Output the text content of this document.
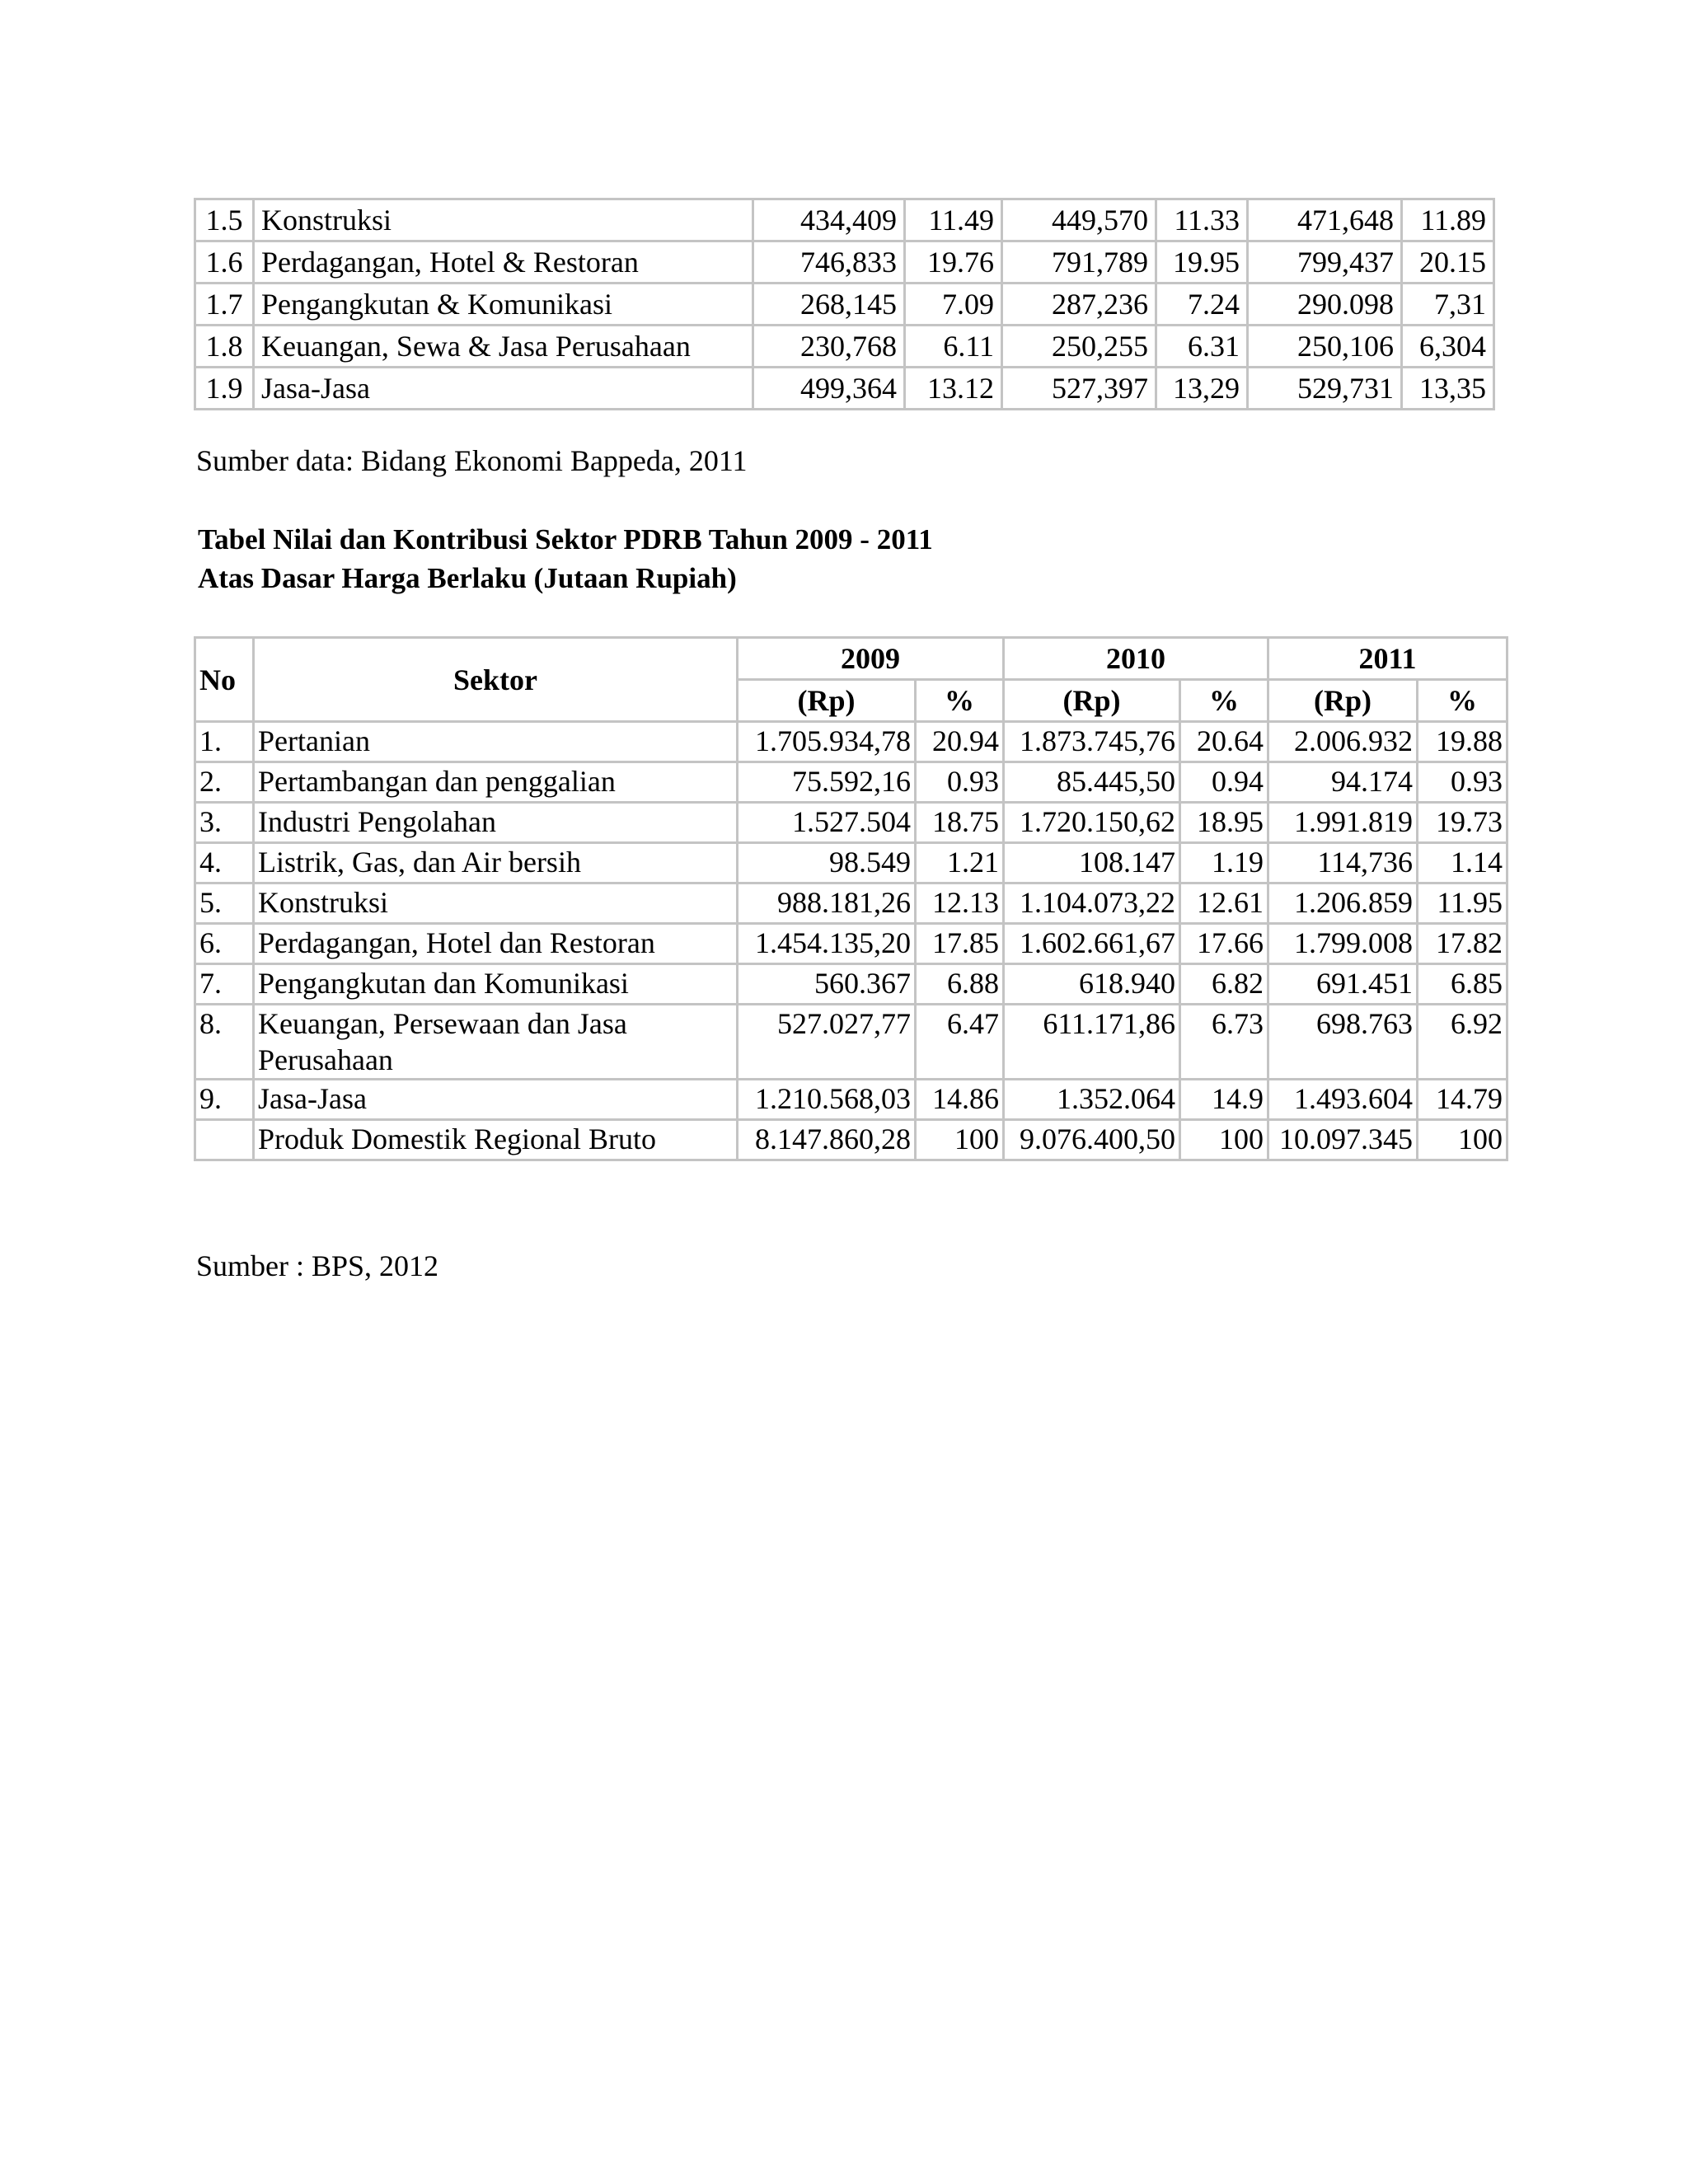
1.5	Konstruksi	434,409	11.49	449,570	11.33	471,648	11.89
1.6	Perdagangan, Hotel & Restoran	746,833	19.76	791,789	19.95	799,437	20.15
1.7	Pengangkutan & Komunikasi	268,145	7.09	287,236	7.24	290.098	7,31
1.8	Keuangan, Sewa & Jasa Perusahaan	230,768	6.11	250,255	6.31	250,106	6,304
1.9	Jasa-Jasa	499,364	13.12	527,397	13,29	529,731	13,35
Sumber data: Bidang Ekonomi Bappeda, 2011
Tabel Nilai dan Kontribusi Sektor PDRB Tahun 2009 - 2011
Atas Dasar Harga Berlaku (Jutaan Rupiah)
No	Sektor	2009		2010		2011	
		(Rp)	%	(Rp)	%	(Rp)	%
1.	Pertanian	1.705.934,78	20.94	1.873.745,76	20.64	2.006.932	19.88
2.	Pertambangan dan penggalian	75.592,16	0.93	85.445,50	0.94	94.174	0.93
3.	Industri Pengolahan	1.527.504	18.75	1.720.150,62	18.95	1.991.819	19.73
4.	Listrik, Gas, dan Air bersih	98.549	1.21	108.147	1.19	114,736	1.14
5.	Konstruksi	988.181,26	12.13	1.104.073,22	12.61	1.206.859	11.95
6.	Perdagangan, Hotel dan Restoran	1.454.135,20	17.85	1.602.661,67	17.66	1.799.008	17.82
7.	Pengangkutan dan Komunikasi	560.367	6.88	618.940	6.82	691.451	6.85
8.	Keuangan, Persewaan dan Jasa Perusahaan	527.027,77	6.47	611.171,86	6.73	698.763	6.92
9.	Jasa-Jasa	1.210.568,03	14.86	1.352.064	14.9	1.493.604	14.79
	Produk Domestik Regional Bruto	8.147.860,28	100	9.076.400,50	100	10.097.345	100
Sumber : BPS, 2012
